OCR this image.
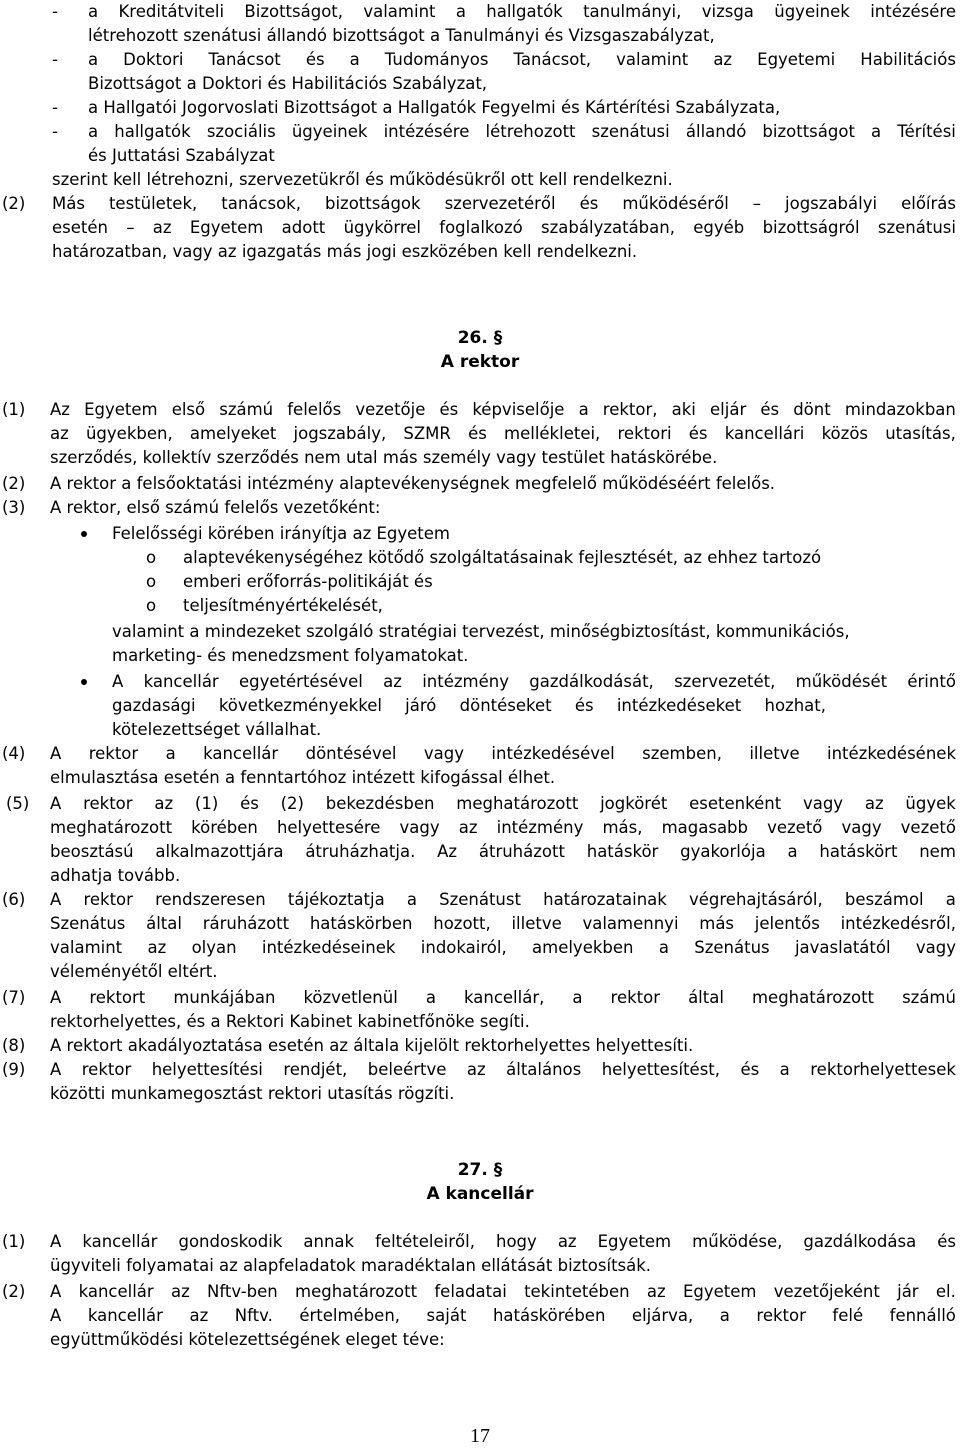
- a Kreditátviteli Bizottságot, valamint a hallgatók tanulmányi, vizsga ügyeinek intézésére
létrehozott szenátusi állandó bizottságot a Tanulmányi és Vizsgaszabályzat,
- a Doktori Tanácsot és a Tudományos Tanácsot, valamint az Egyetemi Habilitációs
Bizottságot a Doktori és Habilitációs Szabályzat,
- a Hallgatói Jogorvoslati Bizottságot a Hallgatók Fegyelmi és Kártérítési Szabályzata,
- a hallgatók szociális ügyeinek intézésére létrehozott szenátusi állandó bizottságot a Térítési
és Juttatási Szabályzat
szerint kell létrehozni, szervezetükről és működésükről ott kell rendelkezni.
(2) Más testületek, tanácsok, bizottságok szervezetéről és működéséről – jogszabályi előírás
esetén – az Egyetem adott ügykörrel foglalkozó szabályzatában, egyéb bizottságról szenátusi
határozatban, vagy az igazgatás más jogi eszközében kell rendelkezni.
26. §
A rektor
(1) Az Egyetem első számú felelős vezetője és képviselője a rektor, aki eljár és dönt mindazokban
az ügyekben, amelyeket jogszabály, SZMR és mellékletei, rektori és kancellári közös utasítás,
szerződés, kollektív szerződés nem utal más személy vagy testület hatáskörébe.
(2) A rektor a felsőoktatási intézmény alaptevékenységnek megfelelő működéséért felelős.
(3) A rektor, első számú felelős vezetőként:
Felelősségi körében irányítja az Egyetem
o alaptevékenységéhez kötődő szolgáltatásainak fejlesztését, az ehhez tartozó
o emberi erőforrás-politikáját és
o teljesítményértékelését,
valamint a mindezeket szolgáló stratégiai tervezést, minőségbiztosítást, kommunikációs,
marketing- és menedzsment folyamatokat.
A kancellár egyetértésével az intézmény gazdálkodását, szervezetét, működését érintő
gazdasági következményekkel járó döntéseket és intézkedéseket hozhat,
kötelezettséget vállalhat.
(4) A rektor a kancellár döntésével vagy intézkedésével szemben, illetve intézkedésének
elmulasztása esetén a fenntartóhoz intézett kifogással élhet.
(5) A rektor az (1) és (2) bekezdésben meghatározott jogkörét esetenként vagy az ügyek
meghatározott körében helyettesére vagy az intézmény más, magasabb vezető vagy vezető
beosztású alkalmazottjára átruházhatja. Az átruházott hatáskör gyakorlója a hatáskört nem
adhatja tovább.
(6) A rektor rendszeresen tájékoztatja a Szenátust határozatainak végrehajtásáról, beszámol a
Szenátus által ráruházott hatáskörben hozott, illetve valamennyi más jelentős intézkedésről,
valamint az olyan intézkedéseinek indokairól, amelyekben a Szenátus javaslatától vagy
véleményétől eltért.
(7) A rektort munkájában közvetlenül a kancellár, a rektor által meghatározott számú
rektorhelyettes, és a Rektori Kabinet kabinetfőnöke segíti.
(8) A rektort akadályoztatása esetén az általa kijelölt rektorhelyettes helyettesíti.
(9) A rektor helyettesítési rendjét, beleértve az általános helyettesítést, és a rektorhelyettesek
közötti munkamegosztást rektori utasítás rögzíti.
27. §
A kancellár
(1) A kancellár gondoskodik annak feltételeiről, hogy az Egyetem működése, gazdálkodása és
ügyviteli folyamatai az alapfeladatok maradéktalan ellátását biztosítsák.
(2) A kancellár az Nftv-ben meghatározott feladatai tekintetében az Egyetem vezetőjeként jár el.
A kancellár az Nftv. értelmében, saját hatáskörében eljárva, a rektor felé fennálló
együttműködési kötelezettségének eleget téve:
17
